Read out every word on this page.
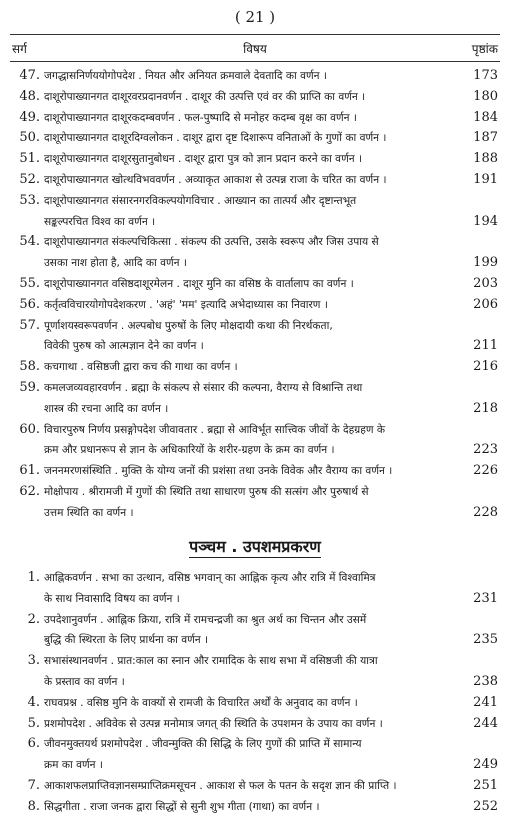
( 21 )
सर्ग	विषय	पृष्ठांक
47. जगद्धासनिर्णययोगोपदेश . नियत और अनियत क्रमवाले देवतादि का वर्णन ।	173
48. दाशूरोपाख्यानगत दाशूरवरप्रदानवर्णन . दाशूर की उत्पत्ति एवं वर की प्राप्ति का वर्णन ।	180
49. दाशूरोपाख्यानगत दाशूरकदम्बवर्णन . फल-पुष्पादि से मनोहर कदम्ब वृक्ष का वर्णन ।	184
50. दाशूरोपाख्यानगत दाशूरदिग्वलोकन . दाशूर द्वारा दृष्ट दिशारूप वनिताओं के गुणों का वर्णन ।	187
51. दाशूरोपाख्यानगत दाशूरसुतानुबोधन . दाशूर द्वारा पुत्र को ज्ञान प्रदान करने का वर्णन ।	188
52. दाशूरोपाख्यानगत खोत्थविभववर्णन . अव्याकृत आकाश से उत्पन्न राजा के चरित का वर्णन ।	191
53. दाशूरोपाख्यानगत संसारनगरविकल्पयोगविचार . आख्यान का तात्पर्य और दृष्टान्तभूत
सङ्कल्परचित विश्व का वर्णन ।	194
54. दाशूरोपाख्यानगत संकल्पचिकित्सा . संकल्प की उत्पत्ति, उसके स्वरूप और जिस उपाय से
उसका नाश होता है, आदि का वर्णन ।	199
55. दाशूरोपाख्यानगत वसिष्ठदाशूरमेलन . दाशूर मुनि का वसिष्ठ के वार्तालाप का वर्णन ।	203
56. कर्तृत्वविचारयोगोपदेशकरण . 'अहं' 'मम' इत्यादि अभेदाध्यास का निवारण ।	206
57. पूर्णाशयस्वरूपवर्णन . अल्पबोध पुरुषों के लिए मोक्षदायी कथा की निरर्थकता,
विवेकी पुरुष को आत्मज्ञान देने का वर्णन ।	211
58. कचगाथा . वसिष्ठजी द्वारा कच की गाथा का वर्णन ।	216
59. कमलजव्यवहारवर्णन . ब्रह्मा के संकल्प से संसार की कल्पना, वैराग्य से विश्रान्ति तथा
शास्त्र की रचना आदि का वर्णन ।	218
60. विचारपुरुष निर्णय प्रसङ्गोपदेश जीवावतार . ब्रह्मा से आविर्भूत सात्त्विक जीवों के देहग्रहण के
क्रम और प्रधानरूप से ज्ञान के अधिकारियों के शरीर-ग्रहण के क्रम का वर्णन ।	223
61. जननमरणसंस्थिति . मुक्ति के योग्य जनों की प्रशंसा तथा उनके विवेक और वैराग्य का वर्णन ।	226
62. मोक्षोपाय . श्रीरामजी में गुणों की स्थिति तथा साधारण पुरुष की सत्संग और पुरुषार्थ से
उत्तम स्थिति का वर्णन ।	228
पञ्चम . उपशमप्रकरण
1. आह्निकवर्णन . सभा का उत्थान, वसिष्ठ भगवान् का आह्निक कृत्य और रात्रि में विश्वामित्र
के साथ निवासादि विषय का वर्णन ।	231
2. उपदेशानुवर्णन . आह्निक क्रिया, रात्रि में रामचन्द्रजी का श्रुत अर्थ का चिन्तन और उसमें
बुद्धि की स्थिरता के लिए प्रार्थना का वर्णन ।	235
3. सभासंस्थानवर्णन . प्रात:काल का स्नान और रामादिक के साथ सभा में वसिष्ठजी की यात्रा
के प्रस्ताव का वर्णन ।	238
4. राघवप्रश्न . वसिष्ठ मुनि के वाक्यों से रामजी के विचारित अर्थों के अनुवाद का वर्णन ।	241
5. प्रशमोपदेश . अविवेक से उत्पन्न मनोमात्र जगत् की स्थिति के उपशमन के उपाय का वर्णन ।	244
6. जीवनमुक्तयर्थ प्रशमोपदेश . जीवन्मुक्ति की सिद्धि के लिए गुणों की प्राप्ति में सामान्य
क्रम का वर्णन ।	249
7. आकाशफलप्राप्तिवज्ञानसम्प्राप्तिक्रमसूचन . आकाश से फल के पतन के सदृश ज्ञान की प्राप्ति ।	251
8. सिद्धगीता . राजा जनक द्वारा सिद्धों से सुनी शुभ गीता (गाथा) का वर्णन ।	252
